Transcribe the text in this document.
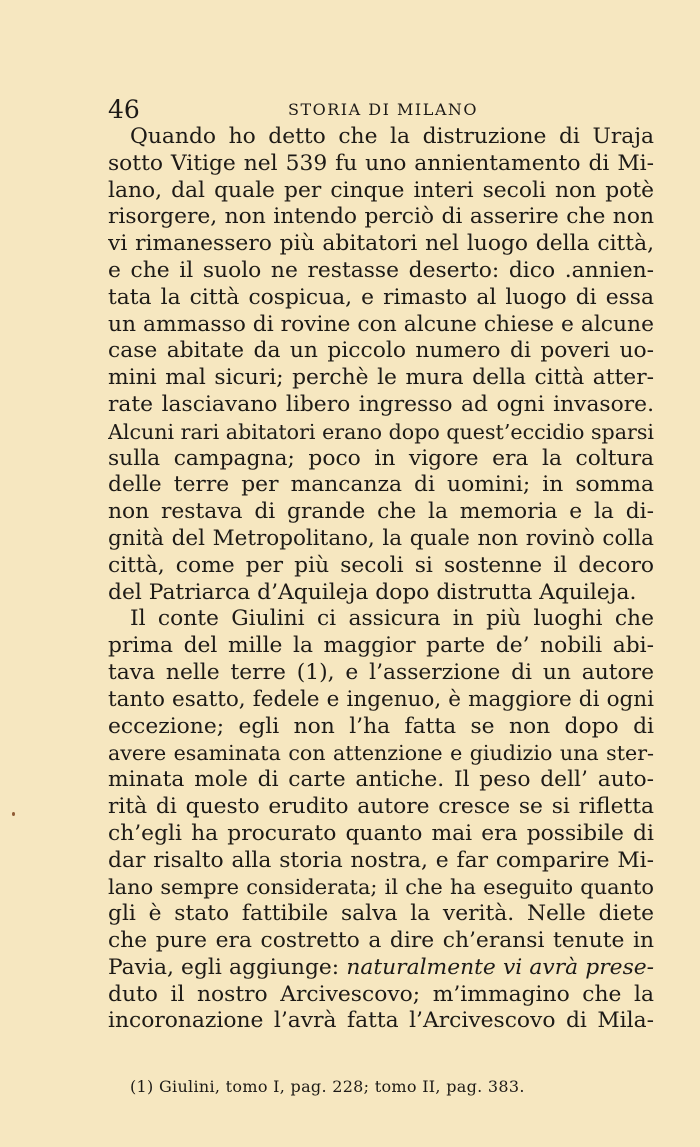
46	STORIA DI MILANO
Quando ho detto che la distruzione di Uraja
sotto Vitige nel 539 fu uno annientamento di Mi-
lano, dal quale per cinque interi secoli non potè
risorgere, non intendo perciò di asserire che non
vi rimanessero più abitatori nel luogo della città,
e che il suolo ne restasse deserto: dico .annien-
tata la città cospicua, e rimasto al luogo di essa
un ammasso di rovine con alcune chiese e alcune
case abitate da un piccolo numero di poveri uo-
mini mal sicuri; perchè le mura della città atter-
rate lasciavano libero ingresso ad ogni invasore.
Alcuni rari abitatori erano dopo quest’eccidio sparsi
sulla campagna; poco in vigore era la coltura
delle terre per mancanza di uomini; in somma
non restava di grande che la memoria e la di-
gnità del Metropolitano, la quale non rovinò colla
città, come per più secoli si sostenne il decoro
del Patriarca d’Aquileja dopo distrutta Aquileja.
Il conte Giulini ci assicura in più luoghi che
prima del mille la maggior parte de’ nobili abi-
tava nelle terre (1), e l’asserzione di un autore
tanto esatto, fedele e ingenuo, è maggiore di ogni
eccezione; egli non l’ha fatta se non dopo di
avere esaminata con attenzione e giudizio una ster-
minata mole di carte antiche. Il peso dell’ auto-
rità di questo erudito autore cresce se si rifletta
ch’egli ha procurato quanto mai era possibile di
dar risalto alla storia nostra, e far comparire Mi-
lano sempre considerata; il che ha eseguito quanto
gli è stato fattibile salva la verità. Nelle diete
che pure era costretto a dire ch’eransi tenute in
Pavia, egli aggiunge: naturalmente vi avrà prese-
duto il nostro Arcivescovo; m’immagino che la
incoronazione l’avrà fatta l’Arcivescovo di Mila-
(1) Giulini, tomo I, pag. 228; tomo II, pag. 383.
